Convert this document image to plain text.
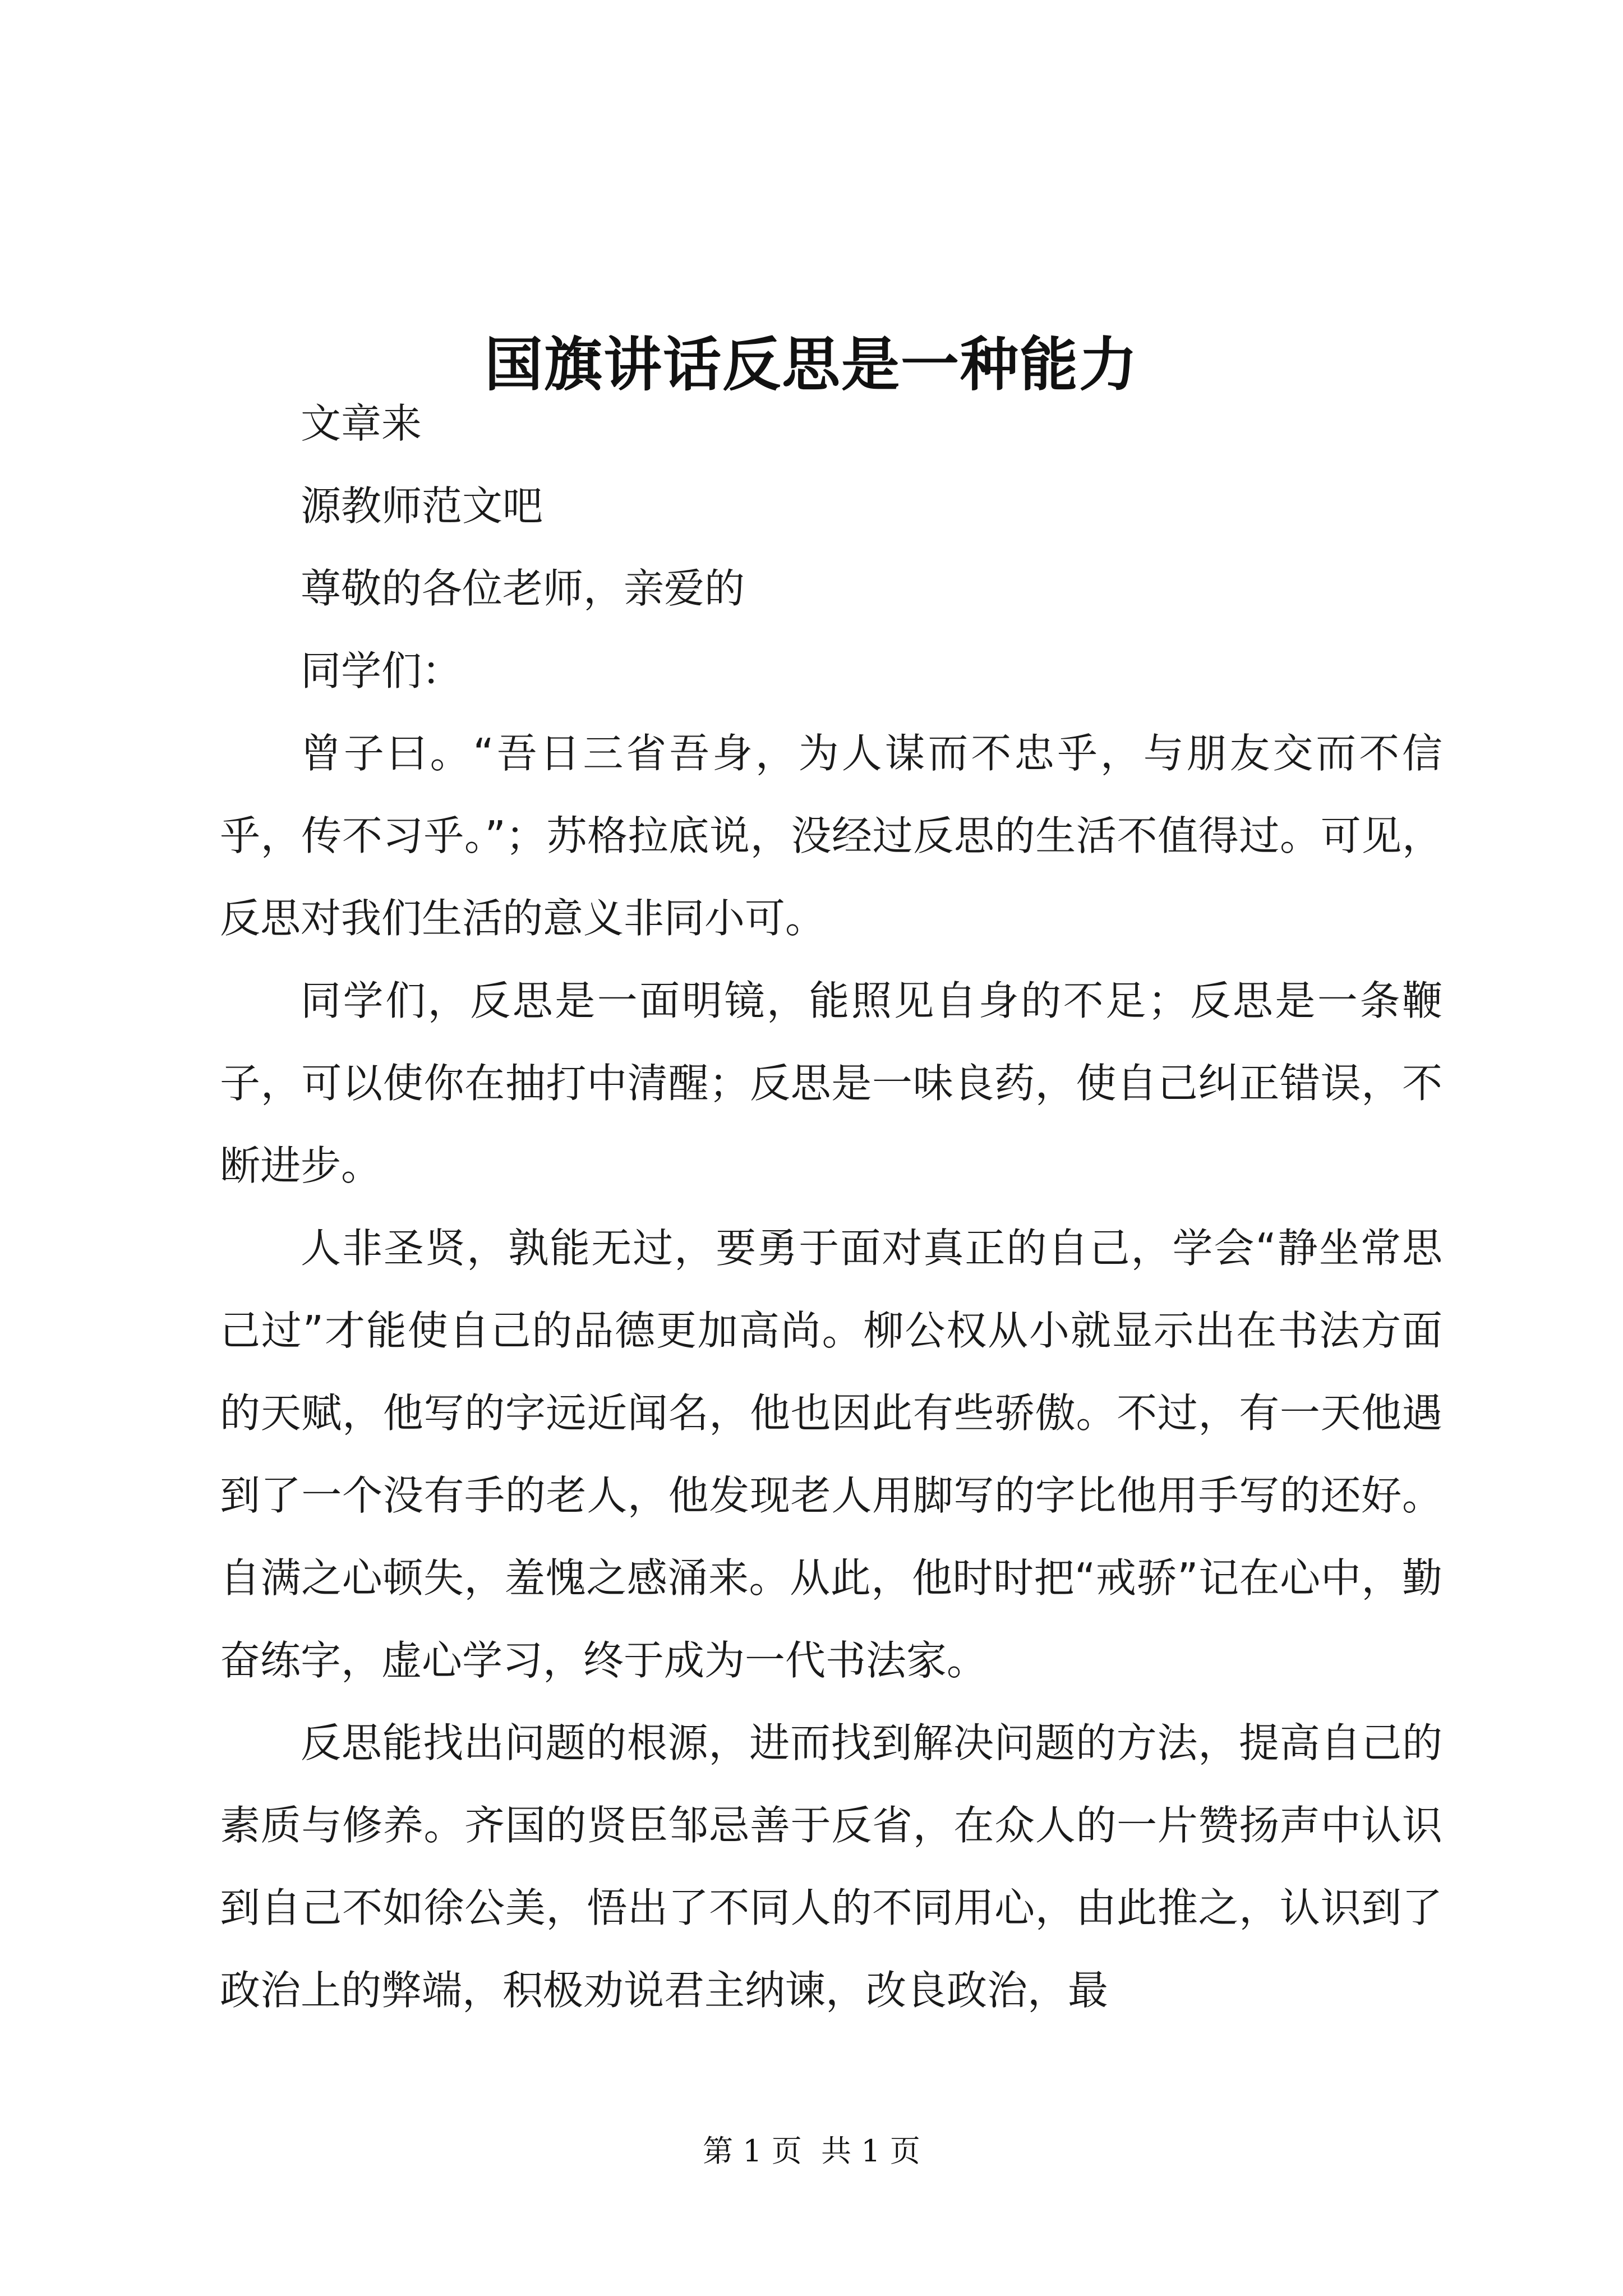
国旗讲话反思是一种能力

文章来

源教师范文吧

尊敬的各位老师，亲爱的

同学们：

曾子曰。“吾日三省吾身，为人谋而不忠乎，与朋友交而不信乎，传不习乎。”；苏格拉底说，没经过反思的生活不值得过。可见，反思对我们生活的意义非同小可。

同学们，反思是一面明镜，能照见自身的不足；反思是一条鞭子，可以使你在抽打中清醒；反思是一味良药，使自己纠正错误，不断进步。

人非圣贤，孰能无过，要勇于面对真正的自己，学会“静坐常思己过”才能使自己的品德更加高尚。柳公权从小就显示出在书法方面的天赋，他写的字远近闻名，他也因此有些骄傲。不过，有一天他遇到了一个没有手的老人，他发现老人用脚写的字比他用手写的还好。自满之心顿失，羞愧之感涌来。从此，他时时把“戒骄”记在心中，勤奋练字，虚心学习，终于成为一代书法家。

反思能找出问题的根源，进而找到解决问题的方法，提高自己的素质与修养。齐国的贤臣邹忌善于反省，在众人的一片赞扬声中认识到自己不如徐公美，悟出了不同人的不同用心，由此推之，认识到了政治上的弊端，积极劝说君主纳谏，改良政治，最

第 1 页  共 1 页
